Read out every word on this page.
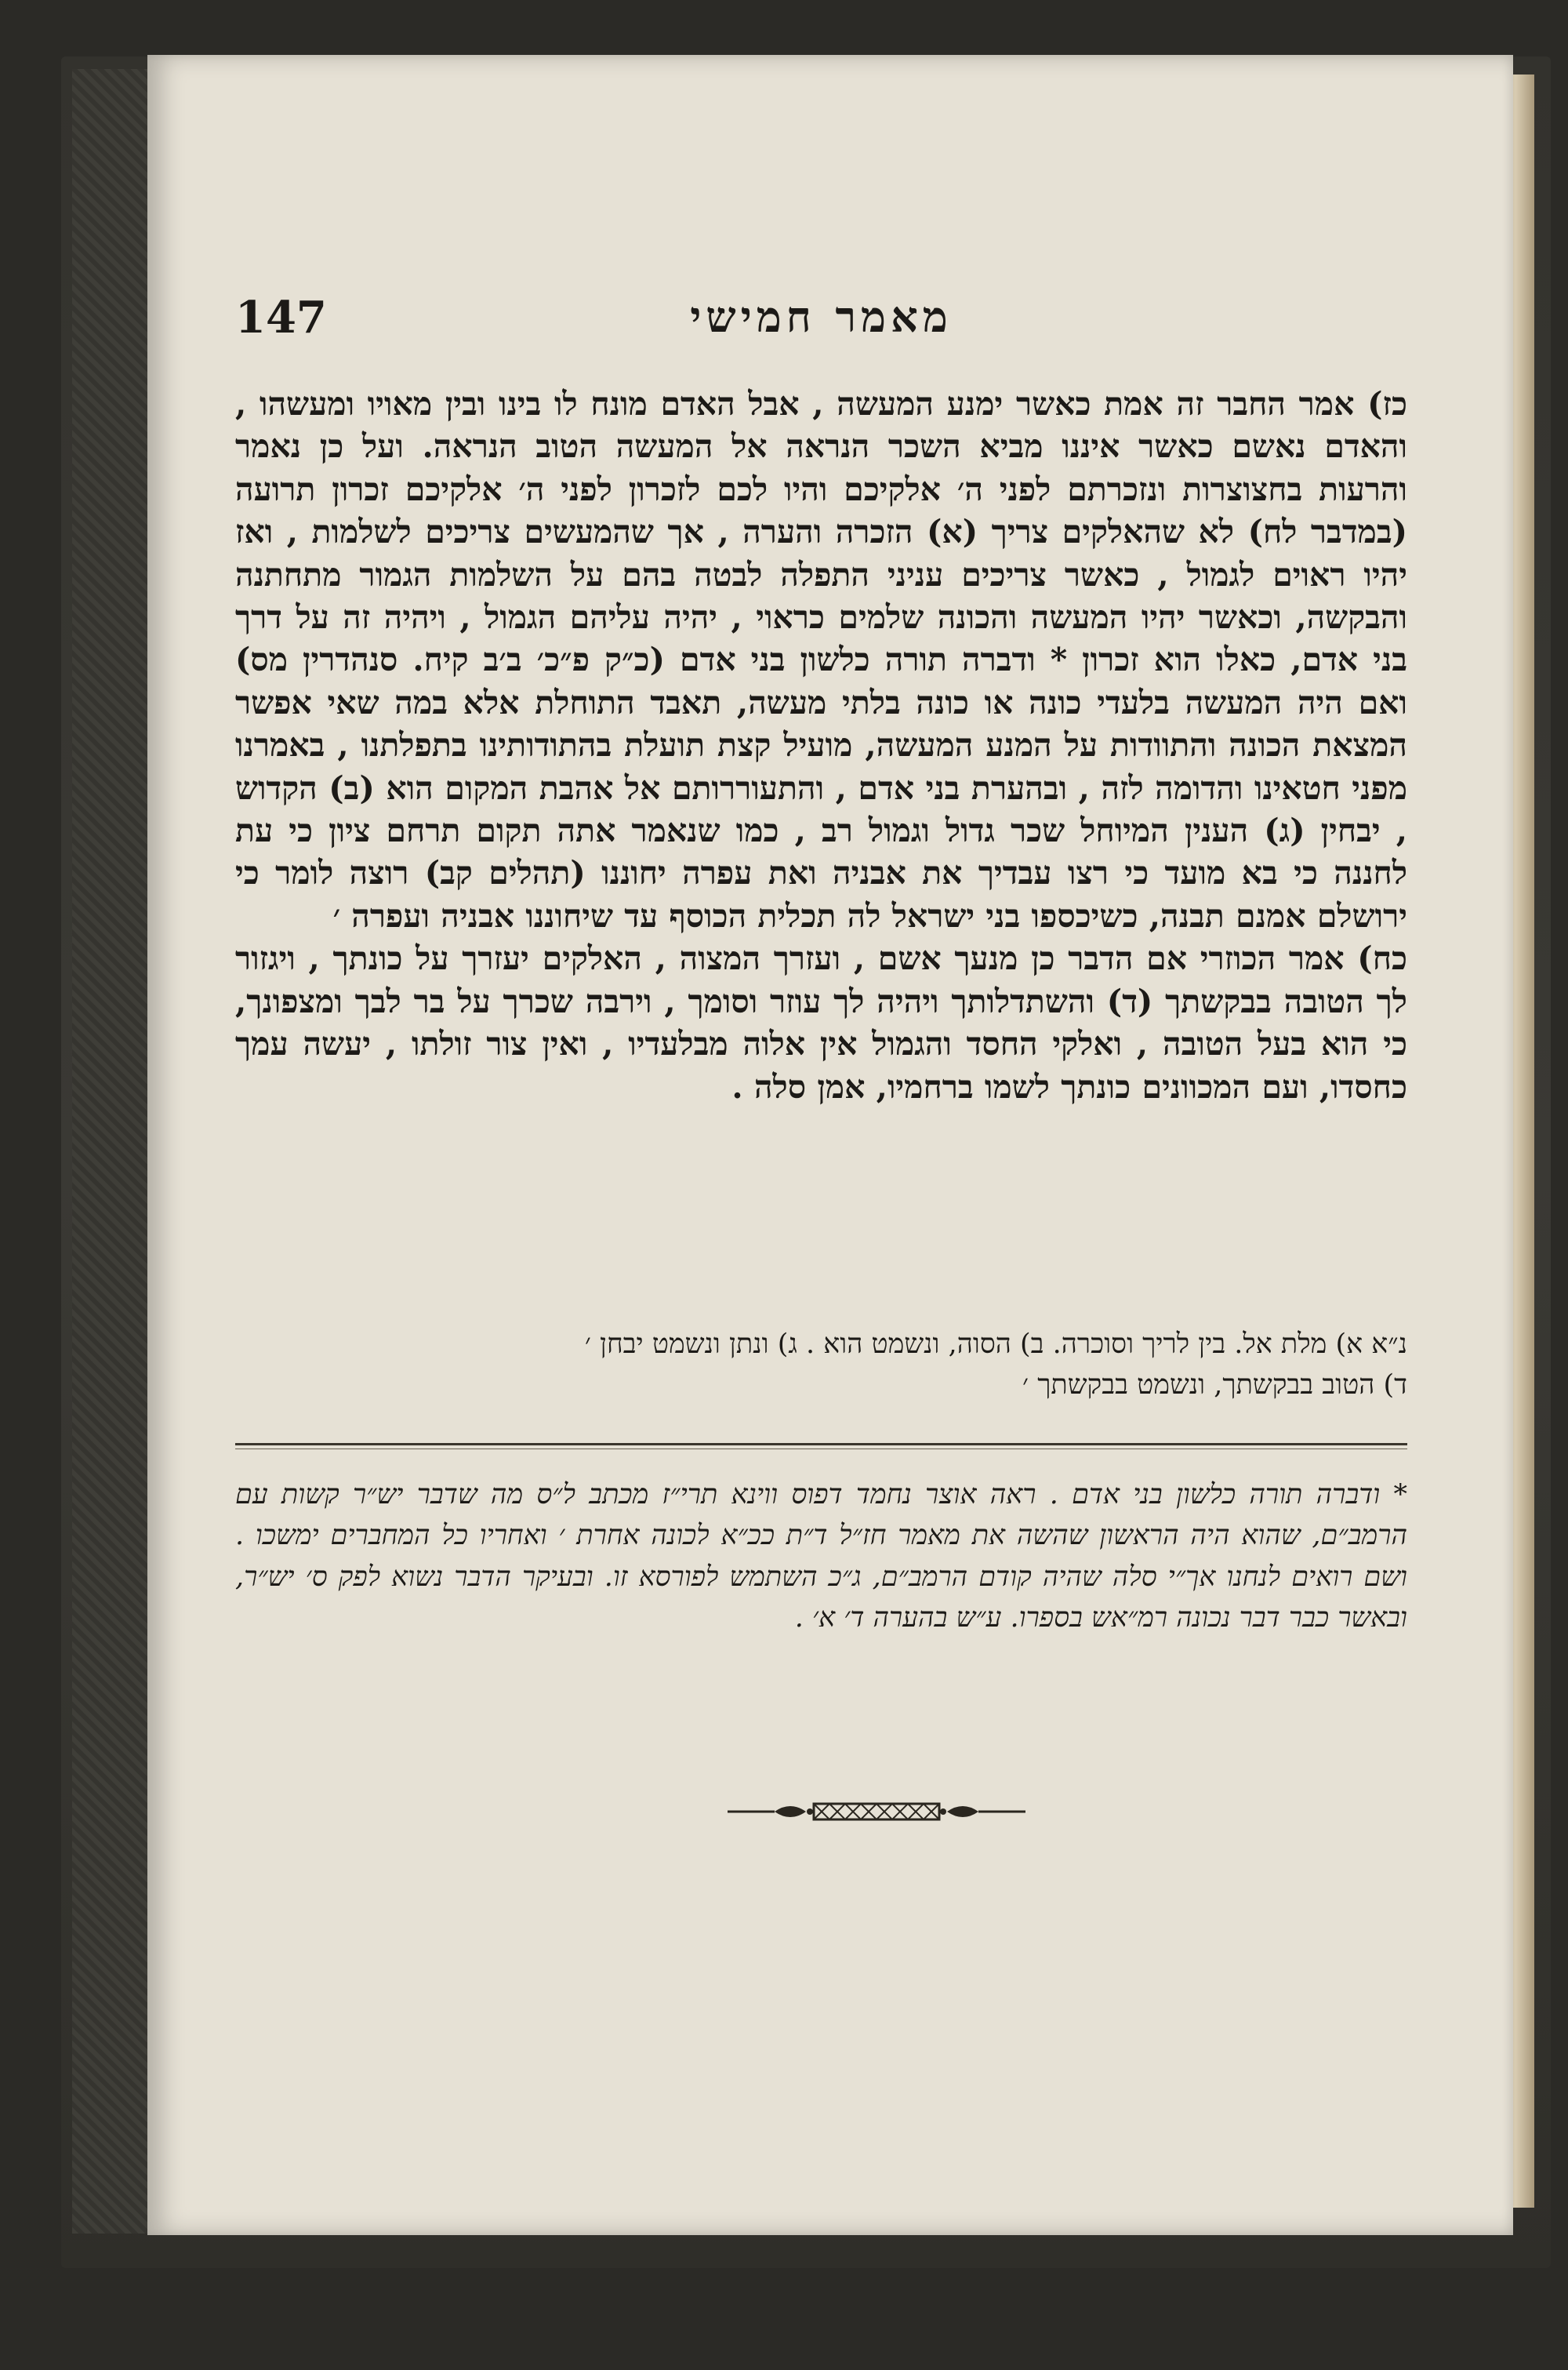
147	מאמר חמישי

כז) אמר החבר זה אמת כאשר ימנע המעשה , אבל האדם מונח לו בינו ובין מאויו ומעשהו , והאדם נאשם כאשר איננו מביא השכר הנראה אל המעשה הטוב הנראה. ועל כן נאמר והרעות בחצוצרות ונזכרתם לפני ה׳ אלקיכם והיו לכם לזכרון לפני ה׳ אלקיכם זכרון תרועה (במדבר לח) לא שהאלקים צריך (א) הזכרה והערה , אך שהמעשים צריכים לשלמות , ואז יהיו ראוים לגמול , כאשר צריכים עניני התפלה לבטה בהם על השלמות הגמור מתחתנה והבקשה, וכאשר יהיו המעשה והכונה שלמים כראוי , יהיה עליהם הגמול , ויהיה זה על דרך בני אדם, כאלו הוא זכרון * ודברה תורה כלשון בני אדם (כ״ק פ״כ׳ ב׳ב קיח. סנהדרין מס) ואם היה המעשה בלעדי כונה או כונה בלתי מעשה, תאבד התוחלת אלא במה שאי אפשר המצאת הכונה והתוודות על המנע המעשה, מועיל קצת תועלת בהתודותינו בתפלתנו , באמרנו מפני חטאינו והדומה לזה , ובהערת בני אדם , והתעוררותם אל אהבת המקום הוא (ב) הקדוש , יבחין (ג) הענין המיוחל שכר גדול וגמול רב , כמו שנאמר אתה תקום תרחם ציון כי עת לחננה כי בא מועד כי רצו עבדיך את אבניה ואת עפרה יחוננו (תהלים קב) רוצה לומר כי ירושלם אמנם תבנה, כשיכספו בני ישראל לה תכלית הכוסף עד שיחוננו אבניה ועפרה ׳

כח) אמר הכוזרי אם הדבר כן מנעך אשם , ועזרך המצוה , האלקים יעזרך על כונתך , ויגזור לך הטובה בבקשתך (ד) והשתדלותך ויהיה לך עוזר וסומך , וירבה שכרך על בר לבך ומצפונך, כי הוא בעל הטובה , ואלקי החסד והגמול אין אלוה מבלעדיו , ואין צור זולתו , יעשה עמך כחסדו, ועם המכוונים כונתך לשמו ברחמיו, אמן סלה .

נ״א א) מלת אל. בין לריך וסוכרה. ב) הסוה, ונשמט הוא . ג) ונתן ונשמט יבחן ׳
ד) הטוב בבקשתך, ונשמט בבקשתך ׳
* ודברה תורה כלשון בני אדם . ראה אוצר נחמד דפוס ווינא תרי״ז מכתב ל״ס מה שדבר יש״ר קשות עם הרמב״ם, שהוא היה הראשון שהשה את מאמר חז״ל ד״ת ככ״א לכונה אחרת ׳ ואחריו כל המחברים ימשכו . ושם רואים לנחנו אך״י סלה שהיה קודם הרמב״ם, ג״כ השתמש לפורסא זו. ובעיקר הדבר נשוא לפק ס׳ יש״ר, ובאשר כבר דבר נכונה רמ״אש בספרו. ע״ש בהערה ד׳ א׳ .
